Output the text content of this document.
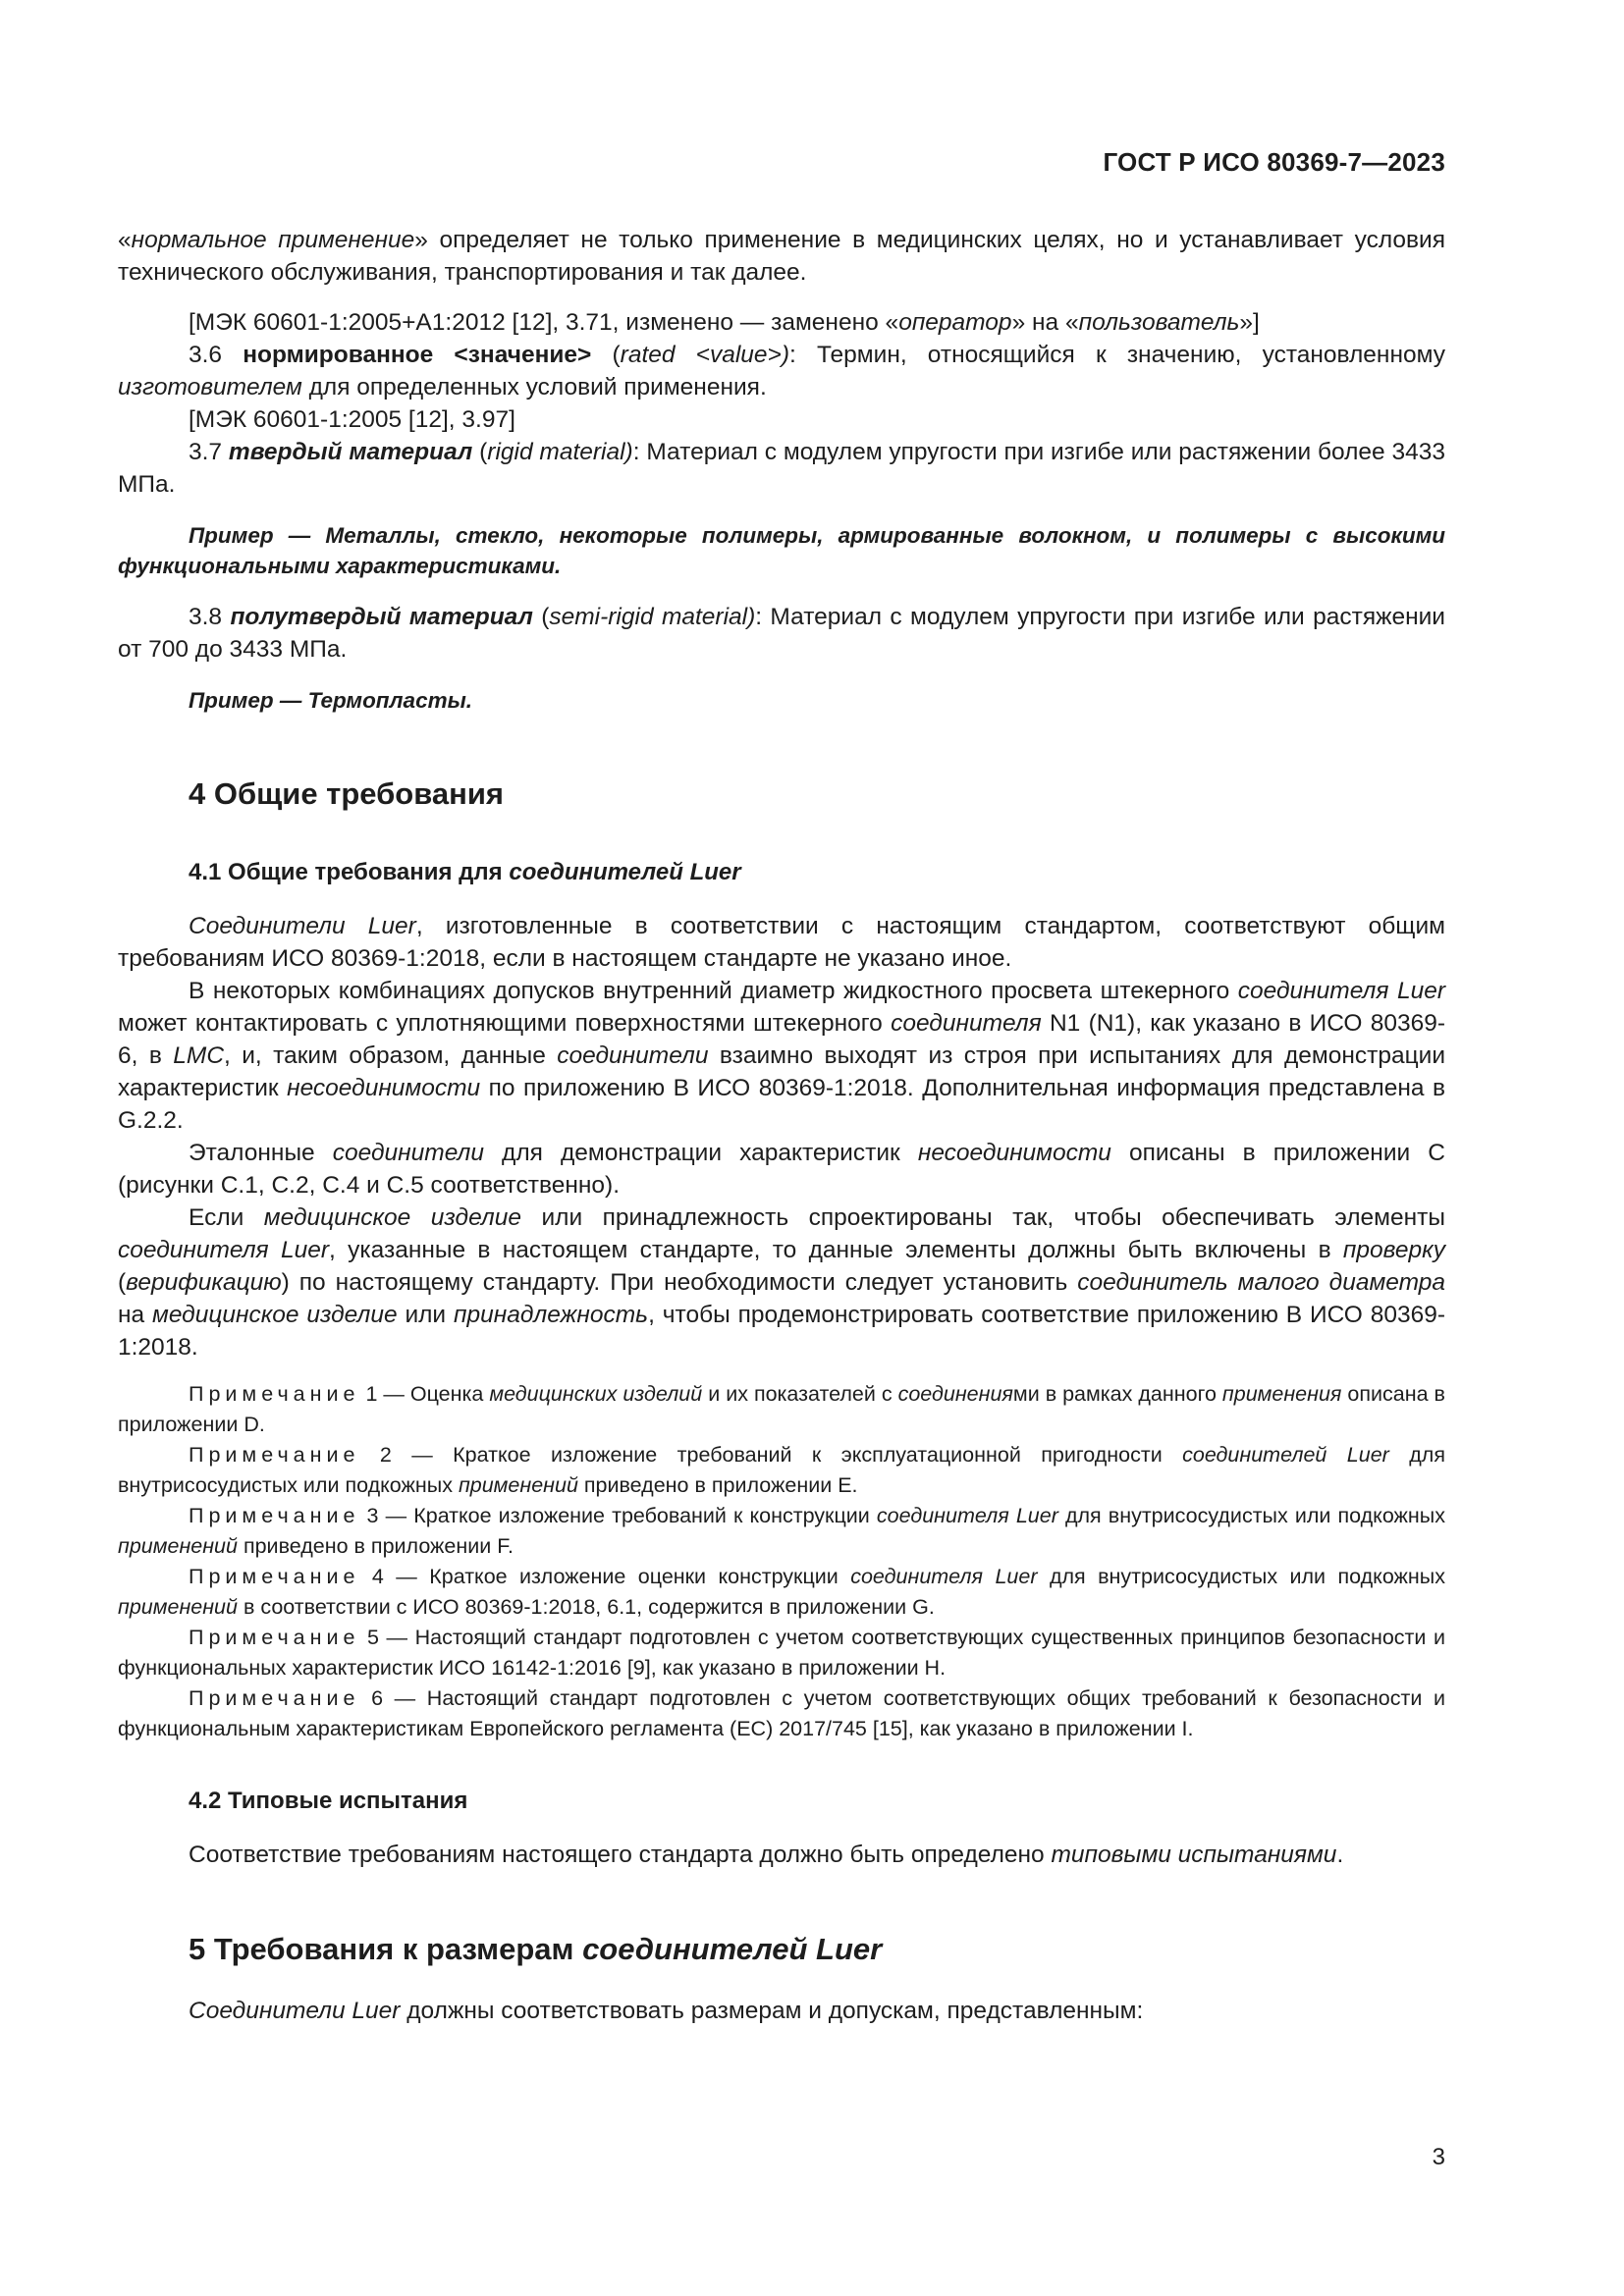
ГОСТ Р ИСО 80369-7—2023

«нормальное применение» определяет не только применение в медицинских целях, но и устанавливает условия технического обслуживания, транспортирования и так далее.

[МЭК 60601-1:2005+А1:2012 [12], 3.71, изменено — заменено «оператор» на «пользователь»]

3.6 нормированное <значение> (rated <value>): Термин, относящийся к значению, установленному изготовителем для определенных условий применения.

[МЭК 60601-1:2005 [12], 3.97]

3.7 твердый материал (rigid material): Материал с модулем упругости при изгибе или растяжении более 3433 МПа.

Пример — Металлы, стекло, некоторые полимеры, армированные волокном, и полимеры с высокими функциональными характеристиками.

3.8 полутвердый материал (semi-rigid material): Материал с модулем упругости при изгибе или растяжении от 700 до 3433 МПа.

Пример — Термопласты.

4 Общие требования
4.1 Общие требования для соединителей Luer

Соединители Luer, изготовленные в соответствии с настоящим стандартом, соответствуют общим требованиям ИСО 80369-1:2018, если в настоящем стандарте не указано иное.

В некоторых комбинациях допусков внутренний диаметр жидкостного просвета штекерного соединителя Luer может контактировать с уплотняющими поверхностями штекерного соединителя N1 (N1), как указано в ИСО 80369-6, в LMC, и, таким образом, данные соединители взаимно выходят из строя при испытаниях для демонстрации характеристик несоединимости по приложению В ИСО 80369-1:2018. Дополнительная информация представлена в G.2.2.

Эталонные соединители для демонстрации характеристик несоединимости описаны в приложении С (рисунки С.1, С.2, С.4 и С.5 соответственно).

Если медицинское изделие или принадлежность спроектированы так, чтобы обеспечивать элементы соединителя Luer, указанные в настоящем стандарте, то данные элементы должны быть включены в проверку (верификацию) по настоящему стандарту. При необходимости следует установить соединитель малого диаметра на медицинское изделие или принадлежность, чтобы продемонстрировать соответствие приложению В ИСО 80369-1:2018.

Примечание 1 — Оценка медицинских изделий и их показателей с соединениями в рамках данного применения описана в приложении D.

Примечание 2 — Краткое изложение требований к эксплуатационной пригодности соединителей Luer для внутрисосудистых или подкожных применений приведено в приложении Е.

Примечание 3 — Краткое изложение требований к конструкции соединителя Luer для внутрисосудистых или подкожных применений приведено в приложении F.

Примечание 4 — Краткое изложение оценки конструкции соединителя Luer для внутрисосудистых или подкожных применений в соответствии с ИСО 80369-1:2018, 6.1, содержится в приложении G.

Примечание 5 — Настоящий стандарт подготовлен с учетом соответствующих существенных принципов безопасности и функциональных характеристик ИСО 16142-1:2016 [9], как указано в приложении Н.

Примечание 6 — Настоящий стандарт подготовлен с учетом соответствующих общих требований к безопасности и функциональным характеристикам Европейского регламента (ЕС) 2017/745 [15], как указано в приложении I.

4.2 Типовые испытания

Соответствие требованиям настоящего стандарта должно быть определено типовыми испытаниями.

5 Требования к размерам соединителей Luer

Соединители Luer должны соответствовать размерам и допускам, представленным:

3
